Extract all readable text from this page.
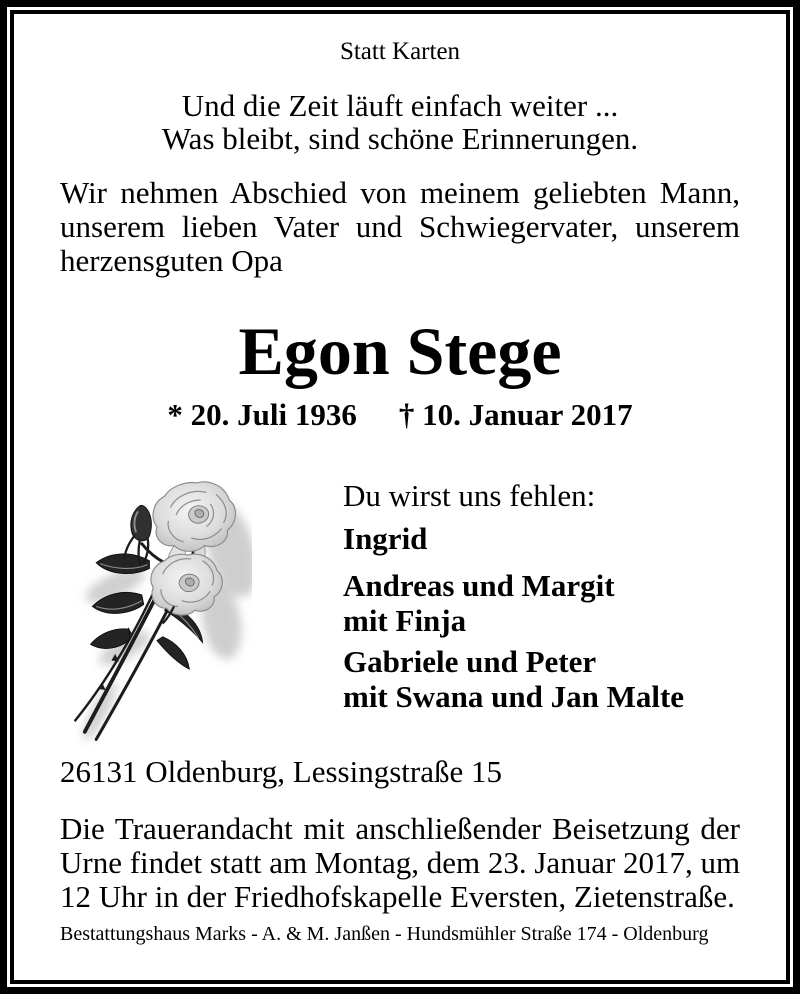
Statt Karten
Und die Zeit läuft einfach weiter ...
Was bleibt, sind schöne Erinnerungen.
Wir nehmen Abschied von meinem geliebten Mann,
unserem lieben Vater und Schwiegervater, unserem
herzensguten Opa
Egon Stege
* 20. Juli 1936 † 10. Januar 2017
Du wirst uns fehlen:
Ingrid
Andreas und Margit
mit Finja
Gabriele und Peter
mit Swana und Jan Malte
26131 Oldenburg, Lessingstraße 15
Die Trauerandacht mit anschließender Beisetzung der
Urne findet statt am Montag, dem 23. Januar 2017, um
12 Uhr in der Friedhofskapelle Eversten, Zietenstraße.
Bestattungshaus Marks - A. & M. Janßen - Hundsmühler Straße 174 - Oldenburg
